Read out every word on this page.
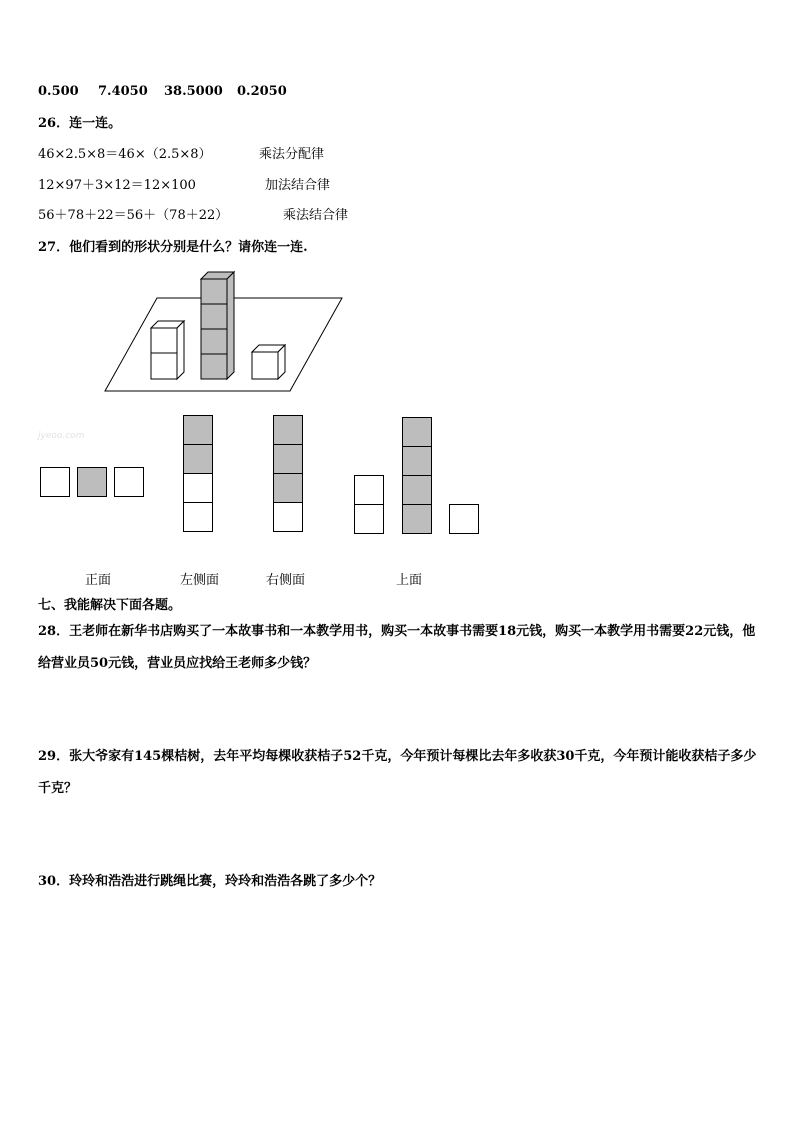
0.500 7.4050 38.5000 0.2050
26．连一连。
46×2.5×8＝46×（2.5×8）	乘法分配律
12×97＋3×12＝12×100	加法结合律
56＋78＋22＝56＋（78＋22）	乘法结合律
27．他们看到的形状分别是什么？请你连一连.
jyeoo.com
正面	左侧面	右侧面	上面
七、我能解决下面各题。
28．王老师在新华书店购买了一本故事书和一本教学用书，购买一本故事书需要18元钱，购买一本教学用书需要22元钱，他给营业员50元钱，营业员应找给王老师多少钱？
29．张大爷家有145棵桔树，去年平均每棵收获桔子52千克，今年预计每棵比去年多收获30千克，今年预计能收获桔子多少千克？
30．玲玲和浩浩进行跳绳比赛，玲玲和浩浩各跳了多少个？
